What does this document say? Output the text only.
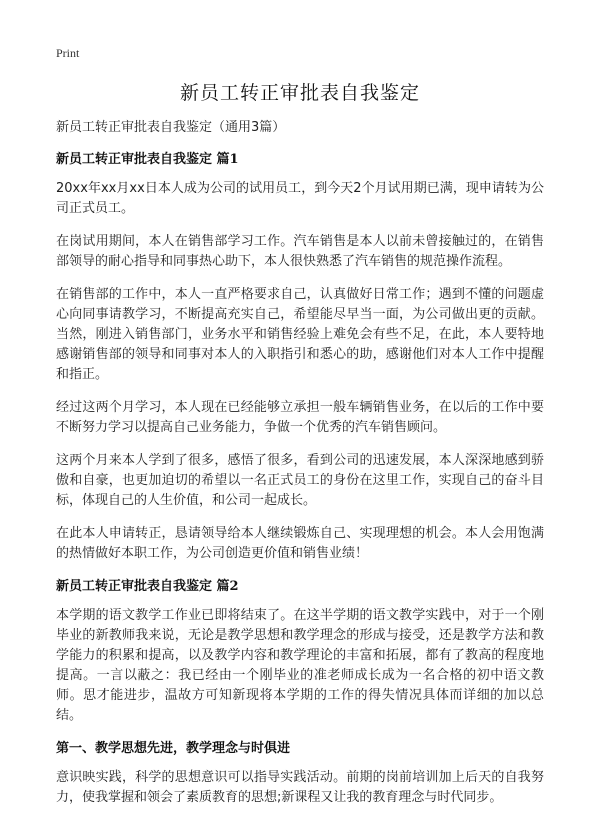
Print
新员工转正审批表自我鉴定

新员工转正审批表自我鉴定（通用3篇）

新员工转正审批表自我鉴定 篇1

20xx年xx月xx日本人成为公司的试用员工，到今天2个月试用期已满，现申请转为公司正式员工。

在岗试用期间，本人在销售部学习工作。汽车销售是本人以前未曾接触过的，在销售部领导的耐心指导和同事热心助下，本人很快熟悉了汽车销售的规范操作流程。

在销售部的工作中，本人一直严格要求自己，认真做好日常工作；遇到不懂的问题虚心向同事请教学习，不断提高充实自己，希望能尽早当一面，为公司做出更的贡献。当然，刚进入销售部门，业务水平和销售经验上难免会有些不足，在此，本人要特地感谢销售部的领导和同事对本人的入职指引和悉心的助，感谢他们对本人工作中提醒和指正。

经过这两个月学习，本人现在已经能够立承担一般车辆销售业务，在以后的工作中要不断努力学习以提高自己业务能力，争做一个优秀的汽车销售顾问。

这两个月来本人学到了很多，感悟了很多，看到公司的迅速发展，本人深深地感到骄傲和自豪，也更加迫切的希望以一名正式员工的身份在这里工作，实现自己的奋斗目标，体现自己的人生价值，和公司一起成长。

在此本人申请转正，恳请领导给本人继续锻炼自己、实现理想的机会。本人会用饱满的热情做好本职工作，为公司创造更价值和销售业绩！

新员工转正审批表自我鉴定 篇2

本学期的语文教学工作业已即将结束了。在这半学期的语文教学实践中，对于一个刚毕业的新教师我来说，无论是教学思想和教学理念的形成与接受，还是教学方法和教学能力的积累和提高，以及教学内容和教学理论的丰富和拓展，都有了教高的程度地提高。一言以蔽之：我已经由一个刚毕业的准老师成长成为一名合格的初中语文教师。思才能进步，温故方可知新现将本学期的工作的得失情况具体而详细的加以总结。

第一、教学思想先进，教学理念与时俱进

意识映实践，科学的思想意识可以指导实践活动。前期的岗前培训加上后天的自我努力，使我掌握和领会了素质教育的思想;新课程又让我的教育理念与时代同步。
